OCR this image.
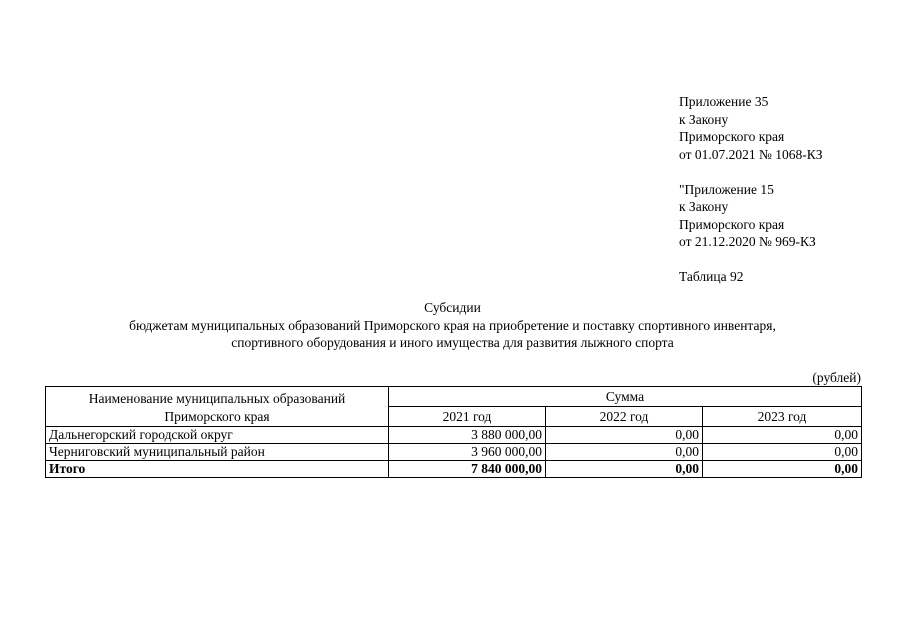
Приложение 35
к Закону
Приморского края
от 01.07.2021 № 1068-КЗ
"Приложение 15
к Закону
Приморского края
от 21.12.2020 № 969-КЗ
Таблица 92
Субсидии
бюджетам муниципальных образований Приморского края на приобретение и поставку спортивного инвентаря,
спортивного оборудования и иного имущества для развития лыжного спорта
(рублей)
Наименование муниципальных образований Приморского края	Сумма		
	2021 год	2022 год	2023 год
Дальнегорский городской округ	3 880 000,00	0,00	0,00
Черниговский муниципальный район	3 960 000,00	0,00	0,00
Итого	7 840 000,00	0,00	0,00
